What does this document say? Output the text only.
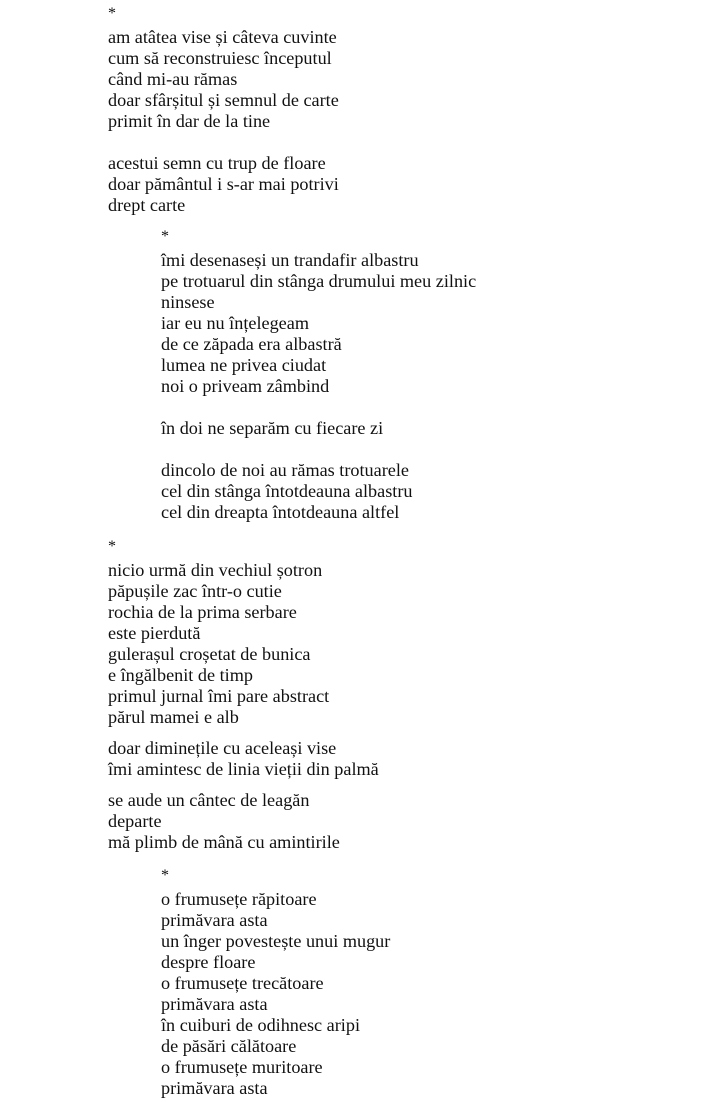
*
am atâtea vise și câteva cuvinte
cum să reconstruiesc începutul
când mi-au rămas
doar sfârșitul și semnul de carte
primit în dar de la tine
acestui semn cu trup de floare
doar pământul i s-ar mai potrivi
drept carte
*
îmi desenaseși un trandafir albastru
pe trotuarul din stânga drumului meu zilnic
ninsese
iar eu nu înțelegeam
de ce zăpada era albastră
lumea ne privea ciudat
noi o priveam zâmbind
în doi ne separăm cu fiecare zi
dincolo de noi au rămas trotuarele
cel din stânga întotdeauna albastru
cel din dreapta întotdeauna altfel
*
nicio urmă din vechiul șotron
păpușile zac într-o cutie
rochia de la prima serbare
este pierdută
gulerașul croșetat de bunica
e îngălbenit de timp
primul jurnal îmi pare abstract
părul mamei e alb
doar diminețile cu aceleași vise
îmi amintesc de linia vieții din palmă
se aude un cântec de leagăn
departe
mă plimb de mână cu amintirile
*
o frumusețe răpitoare
primăvara asta
un înger povestește unui mugur
despre floare
o frumusețe trecătoare
primăvara asta
în cuiburi de odihnesc aripi
de păsări călătoare
o frumusețe muritoare
primăvara asta
